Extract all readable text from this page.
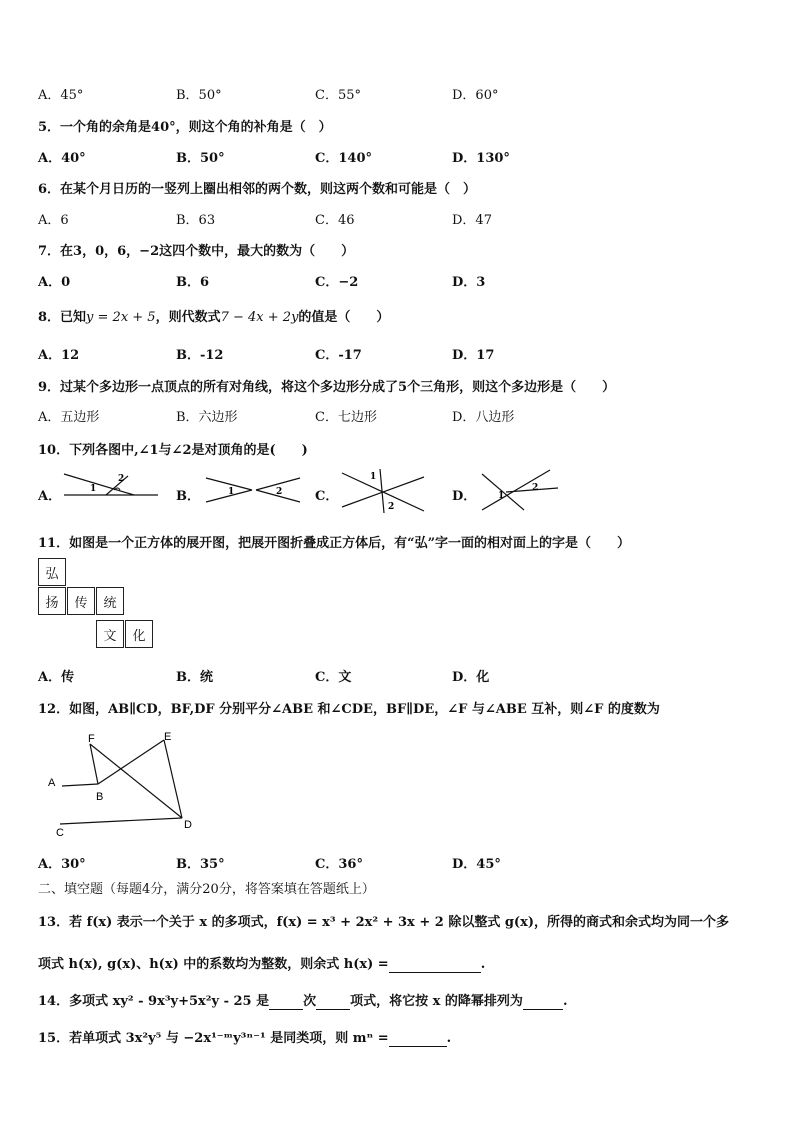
A．45°	B．50°	C．55°	D．60°
5．一个角的余角是40°，则这个角的补角是（　）
A．40°	B．50°	C．140°	D．130°
6．在某个月日历的一竖列上圈出相邻的两个数，则这两个数和可能是（　）
A．6	B．63	C．46	D．47
7．在3，0，6，−2这四个数中，最大的数为（　　）
A．0	B．6	C．−2	D．3
8．已知y = 2x + 5，则代数式7 − 4x + 2y的值是（　　）
A．12	B．-12	C．-17	D．17
9．过某个多边形一点顶点的所有对角线，将这个多边形分成了5个三角形，则这个多边形是（　　）
A．五边形	B．六边形	C．七边形	D．八边形
10．下列各图中,∠1与∠2是对顶角的是(　　)
A．	1
2
B．	1	2	C．
1
2
D． 1
2
11．如图是一个正方体的展开图，把展开图折叠成正方体后，有“弘”字一面的相对面上的字是（　　）
弘
扬	传	统
文	化
A．传	B．统	C．文	D．化
12．如图，AB∥CD，BF,DF 分别平分∠ABE 和∠CDE，BF∥DE，∠F 与∠ABE 互补，则∠F 的度数为
A
B
C
D
E
F
A．30°	B．35°	C．36°	D．45°
二、填空题（每题4分，满分20分，将答案填在答题纸上）
13．若 f(x) 表示一个关于 x 的多项式，f(x) = x³ + 2x² + 3x + 2 除以整式 g(x)，所得的商式和余式均为同一个多
项式 h(x), g(x)、h(x) 中的系数均为整数，则余式 h(x) =	.
14．多项式 xy² - 9x³y+5x²y - 25 是	次	项式，将它按 x 的降幂排列为	.
15．若单项式 3x²y⁵ 与 −2x¹⁻ᵐy³ⁿ⁻¹ 是同类项，则 mⁿ =	.
